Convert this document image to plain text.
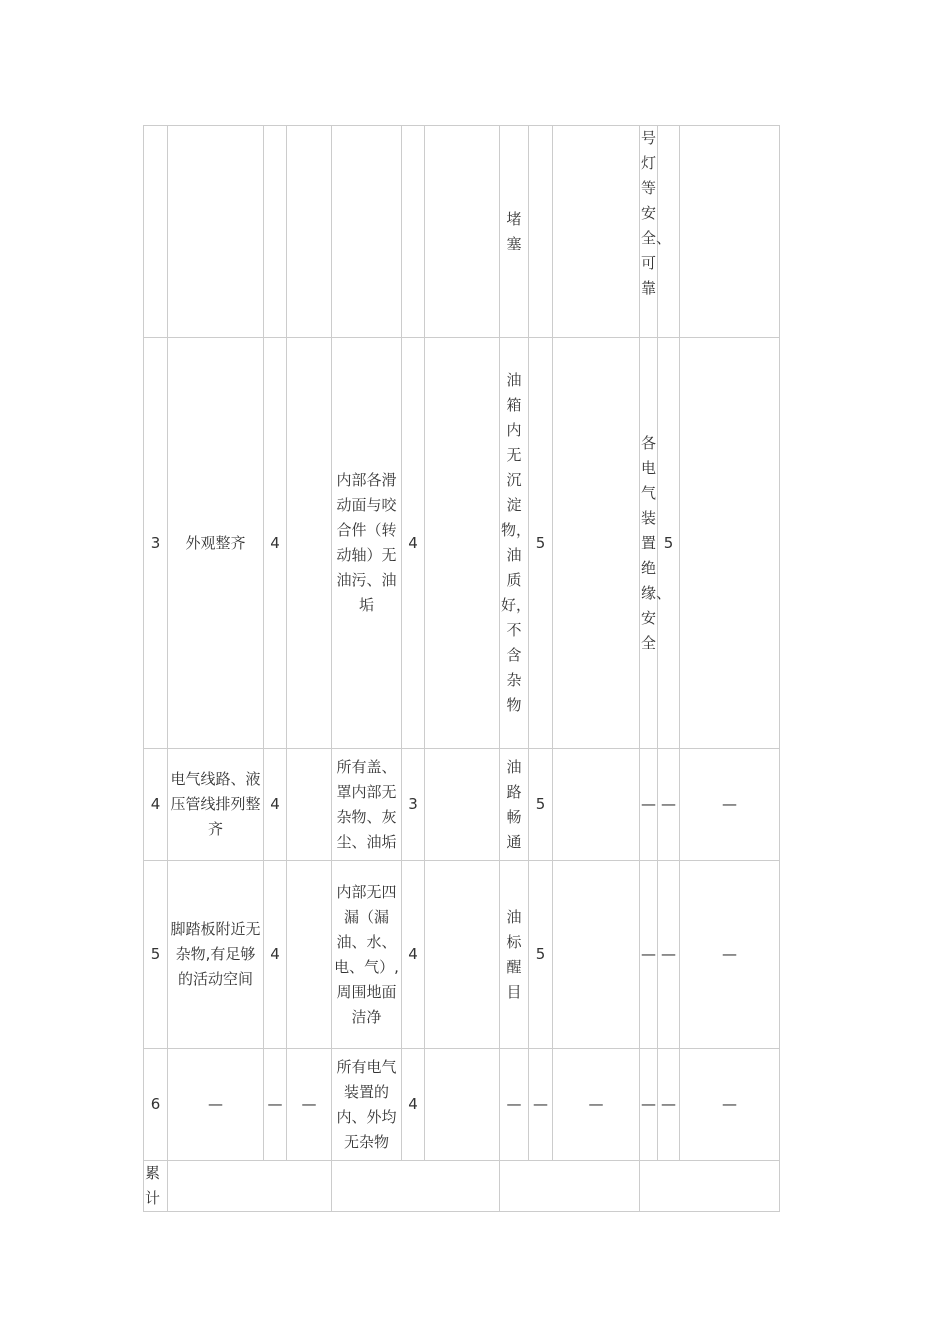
							堵塞			号灯等安全、可靠		
3	外观整齐	4		内部各滑动面与咬合件（转动轴）无油污、油垢	4		油箱内无沉淀物，油质好，不含杂物	5		各电气装置绝缘、安全	5	
4	电气线路、液压管线排列整齐	4		所有盖、罩内部无杂物、灰尘、油垢	3		油路畅通	5		—	—	—
5	脚踏板附近无杂物,有足够的活动空间	4		内部无四漏（漏油、水、电、气）,周围地面洁净	4		油标醒目	5		—	—	—
6	—	—	—	所有电气装置的内、外均无杂物	4		—	—	—	—	—	—
累计												
